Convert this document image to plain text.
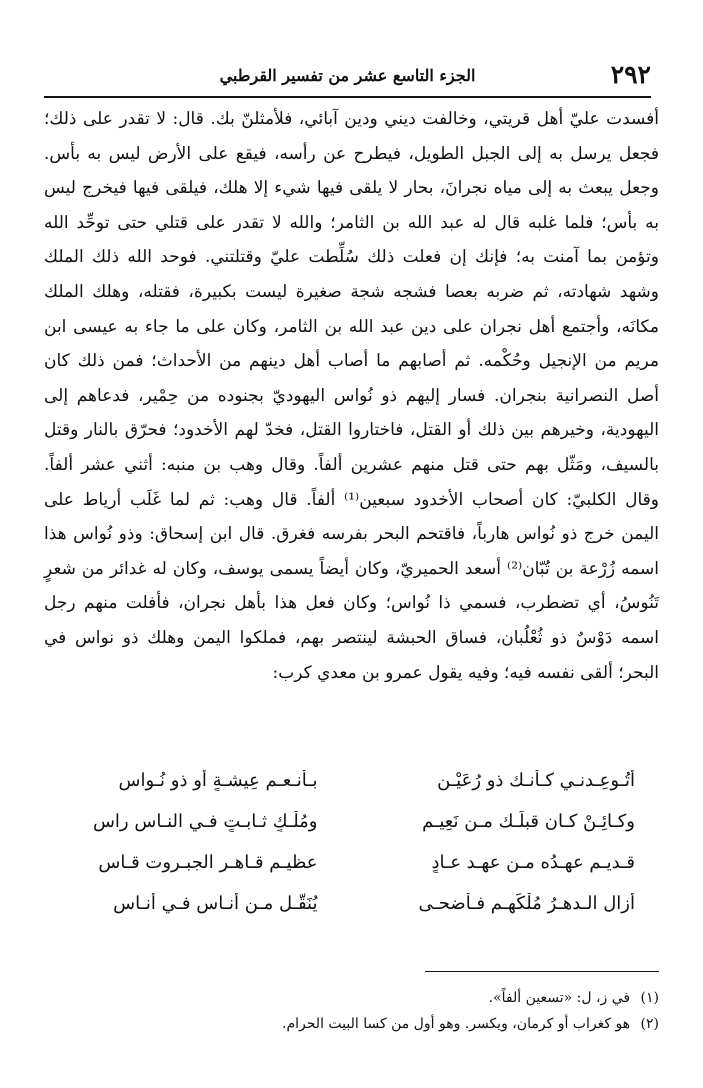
٢٩٢
الجزء التاسع عشر من تفسير القرطبي

أفسدت عليّ أهل قريتي، وخالفت ديني ودين آبائي، فلأمثلنّ بك. قال: لا تقدر على ذلك؛ فجعل يرسل به إلى الجبل الطويل، فيطرح عن رأسه، فيقع على الأرض ليس به بأس. وجعل يبعث به إلى مياه نجرانَ، بحار لا يلقى فيها شيء إلا هلك، فيلقى فيها فيخرج ليس به بأس؛ فلما غلبه قال له عبد الله بن الثامر؛ والله لا تقدر على قتلي حتى توحِّد الله وتؤمن بما آمنت به؛ فإنك إن فعلت ذلك سُلِّطت عليّ وقتلتني. فوحد الله ذلك الملك وشهد شهادته، ثم ضربه بعصا فشجه شجة صغيرة ليست بكبيرة، فقتله، وهلك الملك مكانَه، وأجتمع أهل نجران على دين عبد الله بن الثامر، وكان على ما جاء به عيسى ابن مريم من الإنجيل وحُكْمه. ثم أصابهم ما أصاب أهل دينهم من الأحداث؛ فمن ذلك كان أصل النصرانية بنجران. فسار إليهم ذو نُواس اليهوديّ بجنوده من حِمْير، فدعاهم إلى اليهودية، وخيرهم بين ذلك أو القتل، فاختاروا القتل، فخدّ لهم الأخدود؛ فحرّق بالنار وقتل بالسيف، ومَثّل بهم حتى قتل منهم عشرين ألفاً. وقال وهب بن منبه: أثني عشر ألفاً. وقال الكلبيّ: كان أصحاب الأخدود سبعين⁽¹⁾ ألفاً. قال وهب: ثم لما غَلَب أرياط على اليمن خرج ذو نُواس هارباً، فاقتحم البحر بفرسه فغرق. قال ابن إسحاق: وذو نُواس هذا اسمه زُرْعة بن تُبّان⁽²⁾ أسعد الحميريّ، وكان أيضاً يسمى يوسف، وكان له غدائر من شعرٍ تَنُوسُ، أي تضطرب، فسمي ذا نُواس؛ وكان فعل هذا بأهل نجران، فأفلت منهم رجل اسمه دَوْسٌ ذو ثُعْلُبان، فساق الحبشة لينتصر بهم، فملكوا اليمن وهلك ذو نواس في البحر؛ ألقى نفسه فيه؛ وفيه يقول عمرو بن معدي كرب:

أتُـوعِـدنـي كـأنـك ذو رُعَيْـنِ
بـأنـعـمِ عِيشـةٍ أو ذو نُـواسِ
وكـائِـنْ كـان قبلَـك مـن نَعِيـم
ومُلْـكٍ ثـابـتٍ فـي النـاس راسِ
قـديـمٍ عهـدُه مـن عهـد عـادٍ
عظيـم قـاهـرِ الجبـروت قـاسِ
أزال الـدهـرُ مُلْكَهـم فـأضحـى
يُنَقَّـل مـن أنـاس فـي أنـاس
(١) في ز، ل: «تسعين ألفاً».
(٢) هو كغراب أو كرمان، ويكسر. وهو أول من كسا البيت الحرام.
